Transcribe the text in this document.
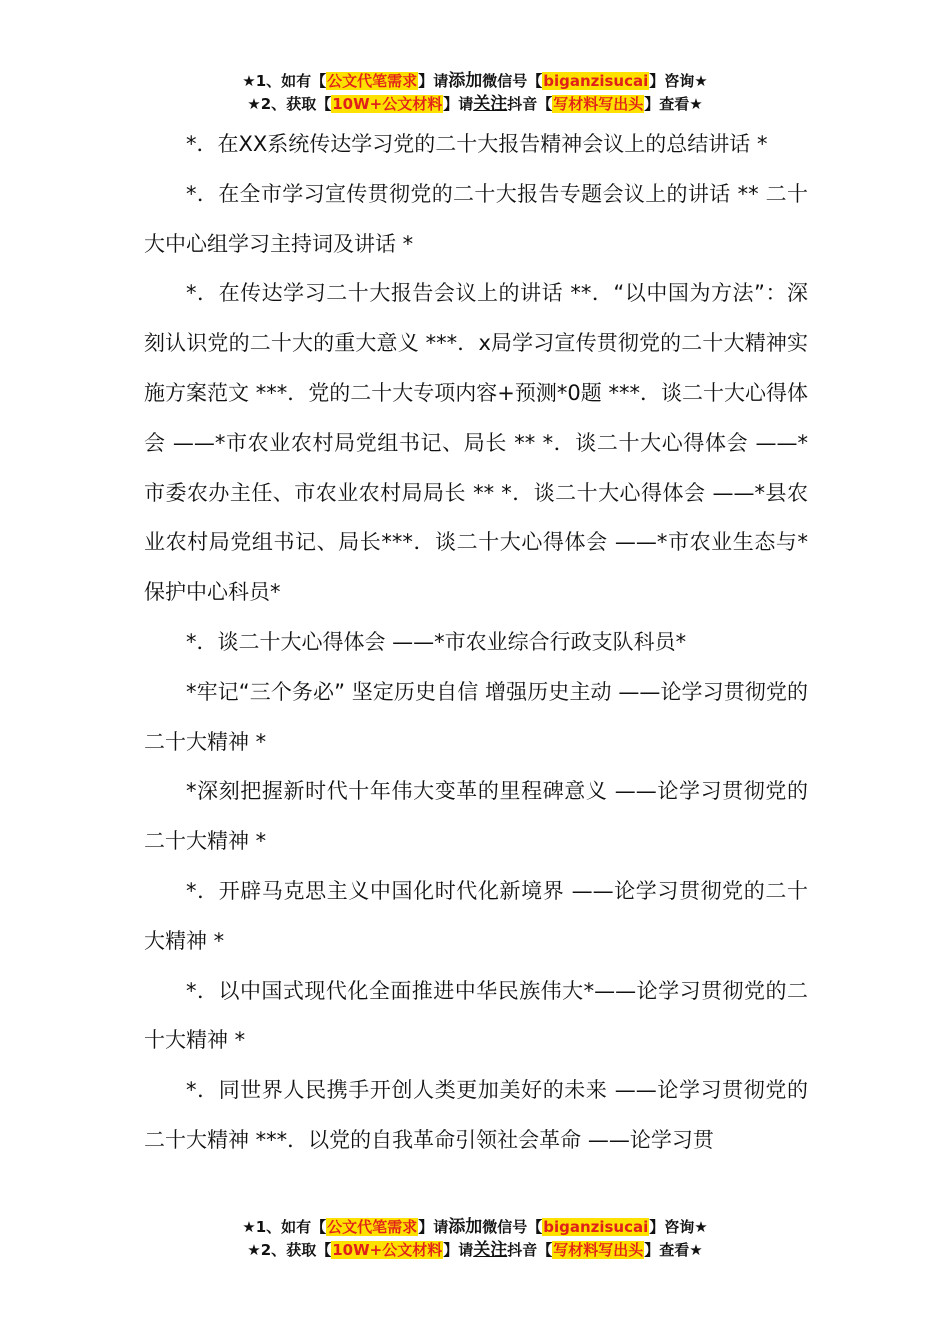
★1、如有【公文代笔需求】请添加微信号【biganzisucai】咨询★
★2、获取【10W+公文材料】请关注抖音【写材料写出头】查看★

*．在XX系统传达学习党的二十大报告精神会议上的总结讲话 *

*．在全市学习宣传贯彻党的二十大报告专题会议上的讲话 ** 二十大中心组学习主持词及讲话 *

*．在传达学习二十大报告会议上的讲话 **．“以中国为方法”：深刻认识党的二十大的重大意义 ***．x局学习宣传贯彻党的二十大精神实施方案范文 ***．党的二十大专项内容+预测*0题 ***．谈二十大心得体会 ——*市农业农村局党组书记、局长 ** *．谈二十大心得体会 ——*市委农办主任、市农业农村局局长 ** *．谈二十大心得体会 ——*县农业农村局党组书记、局长***．谈二十大心得体会 ——*市农业生态与*保护中心科员*

*．谈二十大心得体会 ——*市农业综合行政支队科员*

*牢记“三个务必” 坚定历史自信 增强历史主动 ——论学习贯彻党的二十大精神 *

*深刻把握新时代十年伟大变革的里程碑意义 ——论学习贯彻党的二十大精神 *

*．开辟马克思主义中国化时代化新境界 ——论学习贯彻党的二十大精神 *

*．以中国式现代化全面推进中华民族伟大*——论学习贯彻党的二十大精神 *

*．同世界人民携手开创人类更加美好的未来 ——论学习贯彻党的二十大精神 ***．以党的自我革命引领社会革命 ——论学习贯

★1、如有【公文代笔需求】请添加微信号【biganzisucai】咨询★
★2、获取【10W+公文材料】请关注抖音【写材料写出头】查看★
